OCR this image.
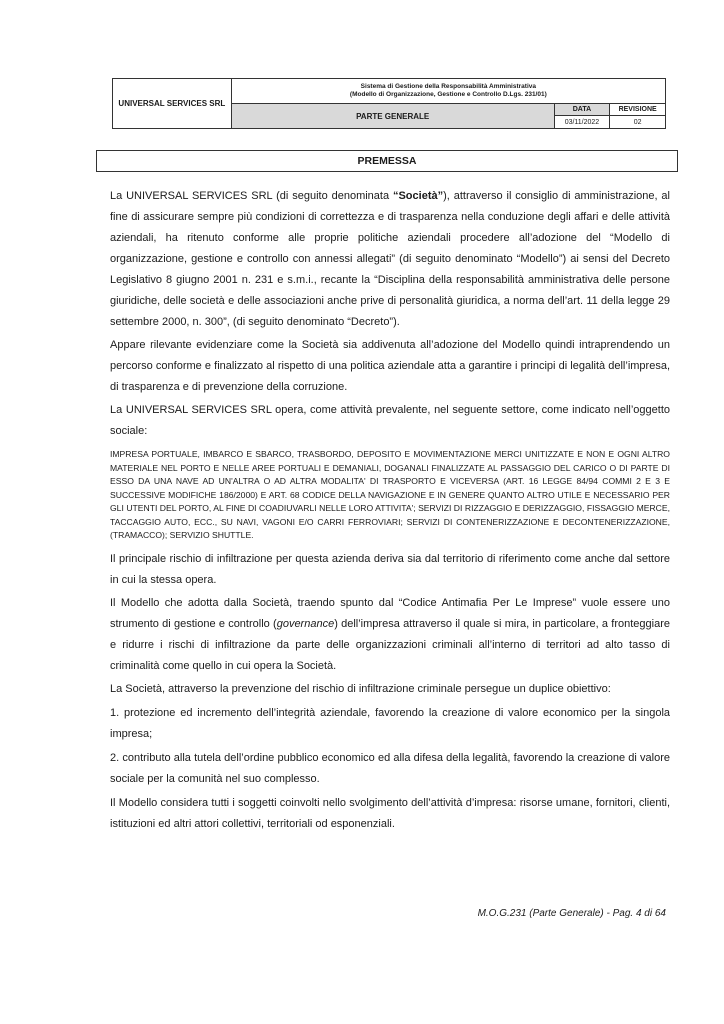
UNIVERSAL SERVICES SRL	Sistema di Gestione della Responsabilità Amministrativa
(Modello di Organizzazione, Gestione e Controllo D.Lgs. 231/01)		

	PARTE GENERALE	DATA	REVISIONE
		03/11/2022	02
PREMESSA

La UNIVERSAL SERVICES SRL (di seguito denominata “Società”), attraverso il consiglio di amministrazione, al fine di assicurare sempre più condizioni di correttezza e di trasparenza nella conduzione degli affari e delle attività aziendali, ha ritenuto conforme alle proprie politiche aziendali procedere all’adozione del “Modello di organizzazione, gestione e controllo con annessi allegati” (di seguito denominato “Modello”) ai sensi del Decreto Legislativo 8 giugno 2001 n. 231 e s.m.i., recante la “Disciplina della responsabilità amministrativa delle persone giuridiche, delle società e delle associazioni anche prive di personalità giuridica, a norma dell’art. 11 della legge 29 settembre 2000, n. 300”, (di seguito denominato “Decreto”).

Appare rilevante evidenziare come la Società sia addivenuta all’adozione del Modello quindi intraprendendo un percorso conforme e finalizzato al rispetto di una politica aziendale atta a garantire i principi di legalità dell’impresa, di trasparenza e di prevenzione della corruzione.

La UNIVERSAL SERVICES SRL opera, come attività prevalente, nel seguente settore, come indicato nell’oggetto sociale:

IMPRESA PORTUALE, IMBARCO E SBARCO, TRASBORDO, DEPOSITO E MOVIMENTAZIONE MERCI UNITIZZATE E NON E OGNI ALTRO MATERIALE NEL PORTO E NELLE AREE PORTUALI E DEMANIALI, DOGANALI FINALIZZATE AL PASSAGGIO DEL CARICO O DI PARTE DI ESSO DA UNA NAVE AD UN'ALTRA O AD ALTRA MODALITA' DI TRASPORTO E VICEVERSA (ART. 16 LEGGE 84/94 COMMI 2 E 3 E SUCCESSIVE MODIFICHE 186/2000) E ART. 68 CODICE DELLA NAVIGAZIONE E IN GENERE QUANTO ALTRO UTILE E NECESSARIO PER GLI UTENTI DEL PORTO, AL FINE DI COADIUVARLI NELLE LORO ATTIVITA'; SERVIZI DI RIZZAGGIO E DERIZZAGGIO, FISSAGGIO MERCE, TACCAGGIO AUTO, ECC., SU NAVI, VAGONI E/O CARRI FERROVIARI; SERVIZI DI CONTENERIZZAZIONE E DECONTENERIZZAZIONE, (TRAMACCO); SERVIZIO SHUTTLE.

Il principale rischio di infiltrazione per questa azienda deriva sia dal territorio di riferimento come anche dal settore in cui la stessa opera.

Il Modello che adotta dalla Società, traendo spunto dal “Codice Antimafia Per Le Imprese” vuole essere uno strumento di gestione e controllo (governance) dell’impresa attraverso il quale si mira, in particolare, a fronteggiare e ridurre i rischi di infiltrazione da parte delle organizzazioni criminali all’interno di territori ad alto tasso di criminalità come quello in cui opera la Società.

La Società, attraverso la prevenzione del rischio di infiltrazione criminale persegue un duplice obiettivo:

1. protezione ed incremento dell’integrità aziendale, favorendo la creazione di valore economico per la singola impresa;

2. contributo alla tutela dell’ordine pubblico economico ed alla difesa della legalità, favorendo la creazione di valore sociale per la comunità nel suo complesso.

Il Modello considera tutti i soggetti coinvolti nello svolgimento dell’attività d’impresa: risorse umane, fornitori, clienti, istituzioni ed altri attori collettivi, territoriali od esponenziali.

M.O.G.231 (Parte Generale) - Pag. 4 di 64
